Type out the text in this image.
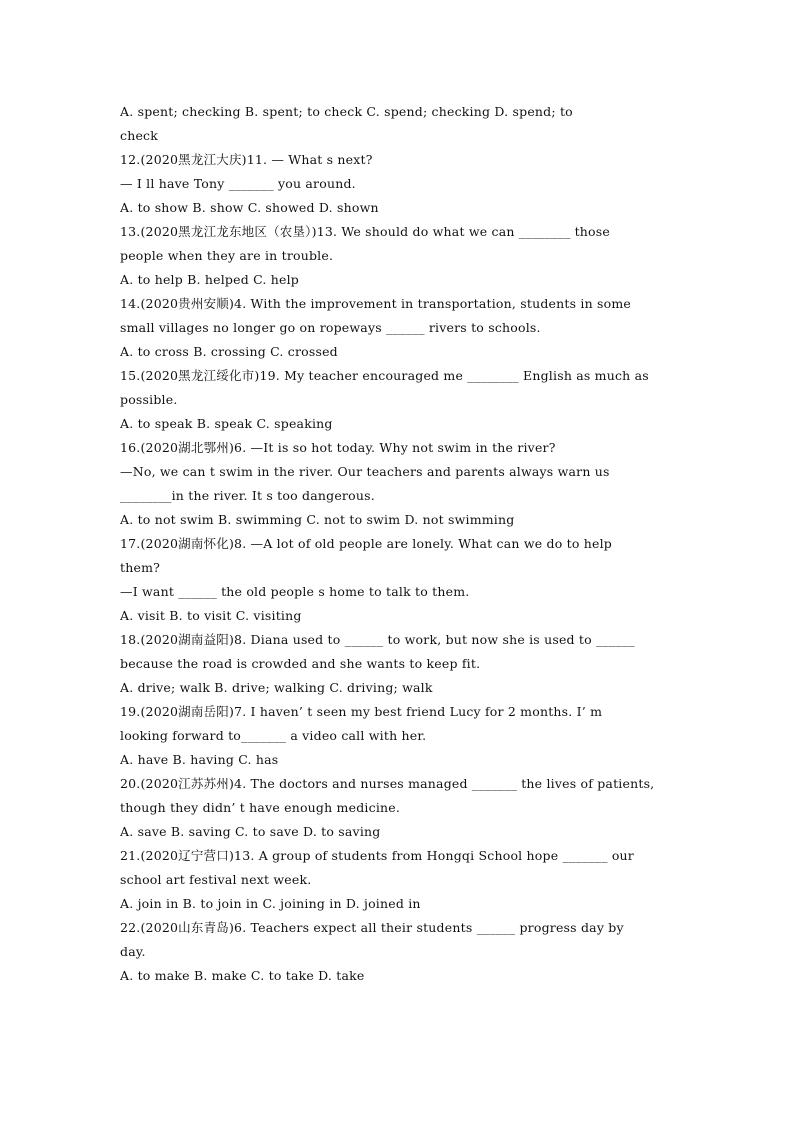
A. spent; checking B. spent; to check C. spend; checking D. spend; to
check
12.(2020黑龙江大庆)11. — What s next?
— I ll have Tony _______ you around.
A. to show B. show C. showed D. shown
13.(2020黑龙江龙东地区（农垦）)13. We should do what we can ________ those
people when they are in trouble.
A. to help B. helped C. help
14.(2020贵州安顺)4. With the improvement in transportation, students in some
small villages no longer go on ropeways ______ rivers to schools.
A. to cross B. crossing C. crossed
15.(2020黑龙江绥化市)19. My teacher encouraged me ________ English as much as
possible.
A. to speak B. speak C. speaking
16.(2020湖北鄂州)6. —It is so hot today. Why not swim in the river?
—No, we can t swim in the river. Our teachers and parents always warn us
________in the river. It s too dangerous.
A. to not swim B. swimming C. not to swim D. not swimming
17.(2020湖南怀化)8. —A lot of old people are lonely. What can we do to help
them?
—I want ______ the old people s home to talk to them.
A. visit B. to visit C. visiting
18.(2020湖南益阳)8. Diana used to ______ to work, but now she is used to ______
because the road is crowded and she wants to keep fit.
A. drive; walk B. drive; walking C. driving; walk
19.(2020湖南岳阳)7. I haven’ t seen my best friend Lucy for 2 months. I’ m
looking forward to_______ a video call with her.
A. have B. having C. has
20.(2020江苏苏州)4. The doctors and nurses managed _______ the lives of patients,
though they didn’ t have enough medicine.
A. save B. saving C. to save D. to saving
21.(2020辽宁营口)13. A group of students from Hongqi School hope _______ our
school art festival next week.
A. join in B. to join in C. joining in D. joined in
22.(2020山东青岛)6. Teachers expect all their students ______ progress day by
day.
A. to make B. make C. to take D. take
